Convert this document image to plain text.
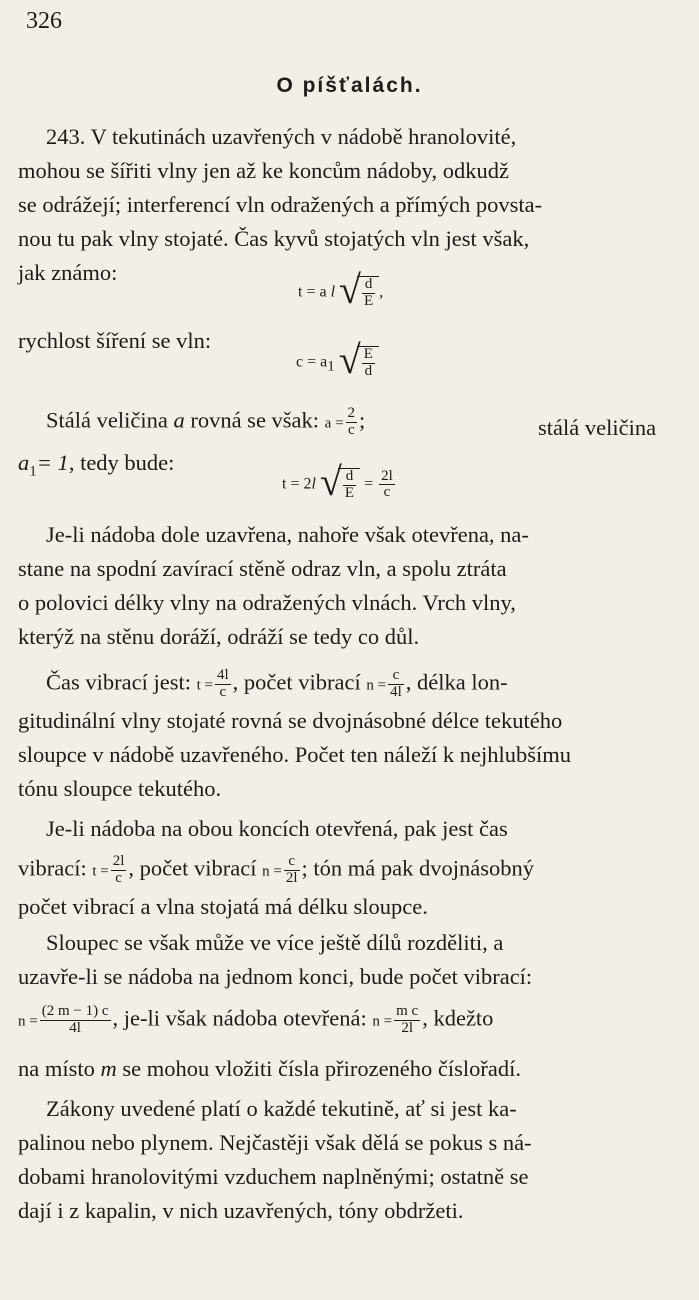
326
O píšťalách.
243. V tekutinách uzavřených v nádobě hranolovité,
mohou se šířiti vlny jen až ke koncům nádoby, odkudž
se odrážejí; interferencí vln odražených a přímých povsta-
nou tu pak vlny stojaté. Čas kyvů stojatých vln jest však,
jak známo:
t = a l √ $\frac{d}{E}$ ,
rychlost šíření se vln:
$c = a_1$ √ $\frac{E}{d}$
Stálá veličina a rovná se však: $a = \frac{2}{c}$ ;	stálá veličina
$a_1= 1$, tedy bude:
t = 2l √ $\frac{d}{E} = \frac{2l}{c}$
Je-li nádoba dole uzavřena, nahoře však otevřena, na-
stane na spodní zavírací stěně odraz vln, a spolu ztráta
o polovici délky vlny na odražených vlnách. Vrch vlny,
kterýž na stěnu doráží, odráží se tedy co důl.
Čas vibrací jest: $t = \frac{4l}{c}$ , počet vibrací $n = \frac{c}{4l}$ , délka lon-
gitudinální vlny stojaté rovná se dvojnásobné délce tekutého
sloupce v nádobě uzavřeného. Počet ten náleží k nejhlubšímu
tónu sloupce tekutého.
Je-li nádoba na obou koncích otevřená, pak jest čas
vibrací: $t = \frac{2l}{c}$ , počet vibrací $n = \frac{c}{2l}$ ; tón má pak dvojnásobný
počet vibrací a vlna stojatá má délku sloupce.
Sloupec se však může ve více ještě dílů rozděliti, a
uzavře-li se nádoba na jednom konci, bude počet vibrací:
$n = \frac{(2 m - 1) c}{4l}$ , je-li však nádoba otevřená: $n = \frac{\text{m c}}{2l}$ , kdežto
na místo m se mohou vložiti čísla přirozeného číslořadí.
Zákony uvedené platí o každé tekutině, ať si jest ka-
palinou nebo plynem. Nejčastěji však dělá se pokus s ná-
dobami hranolovitými vzduchem naplněnými; ostatně se
dají i z kapalin, v nich uzavřených, tóny obdržeti.
